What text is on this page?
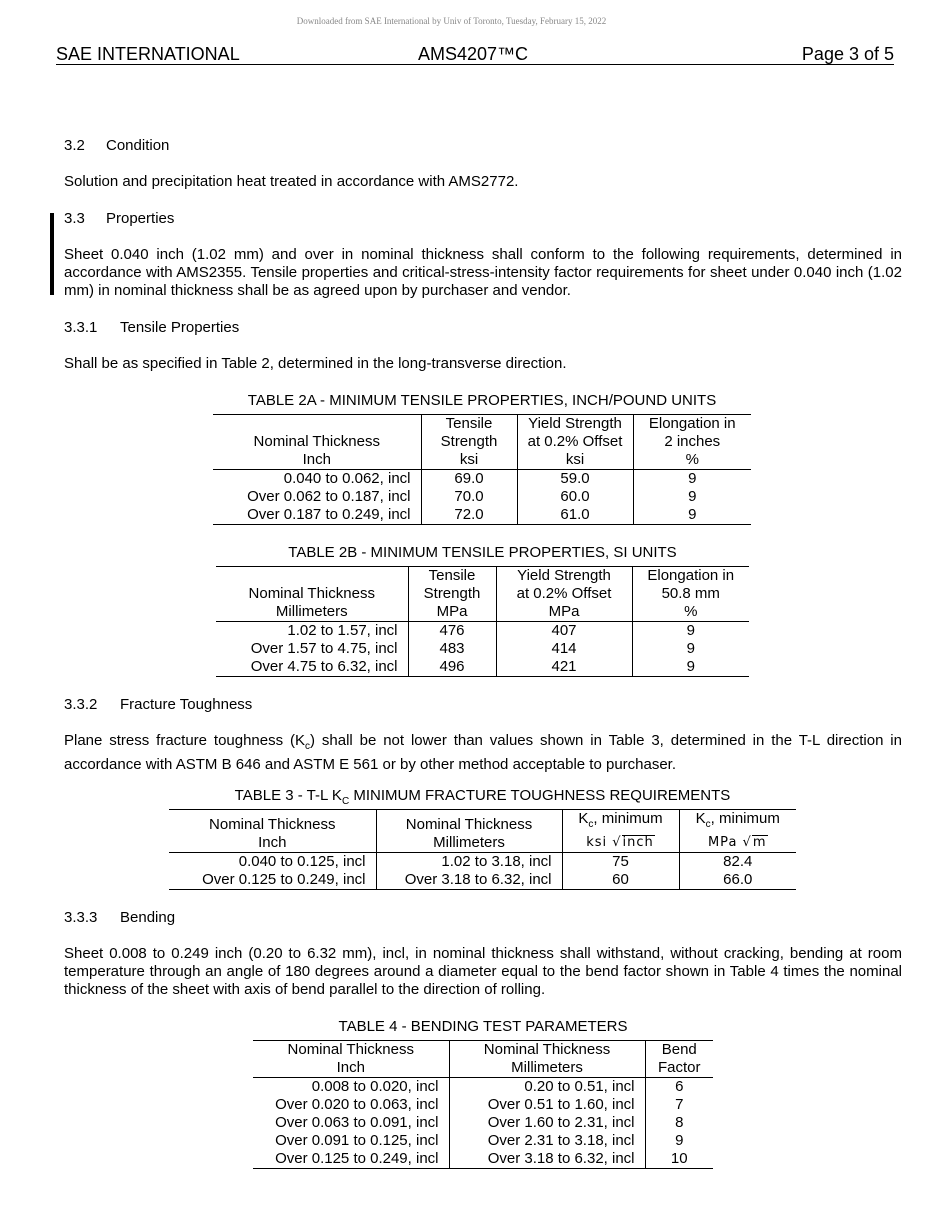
Downloaded from SAE International by Univ of Toronto, Tuesday, February 15, 2022
SAE INTERNATIONAL	AMS4207™C	Page 3 of 5
3.2 Condition
Solution and precipitation heat treated in accordance with AMS2772.
3.3 Properties
Sheet 0.040 inch (1.02 mm) and over in nominal thickness shall conform to the following requirements, determined in accordance with AMS2355. Tensile properties and critical-stress-intensity factor requirements for sheet under 0.040 inch (1.02 mm) in nominal thickness shall be as agreed upon by purchaser and vendor.
3.3.1 Tensile Properties
Shall be as specified in Table 2, determined in the long-transverse direction.
TABLE 2A - MINIMUM TENSILE PROPERTIES, INCH/POUND UNITS
	Tensile	Yield Strength	Elongation in
Nominal Thickness	Strength	at 0.2% Offset	2 inches
Inch	ksi	ksi	%
0.040 to 0.062, incl	69.0	59.0	9
Over 0.062 to 0.187, incl	70.0	60.0	9
Over 0.187 to 0.249, incl	72.0	61.0	9
TABLE 2B - MINIMUM TENSILE PROPERTIES, SI UNITS
	Tensile	Yield Strength	Elongation in
Nominal Thickness	Strength	at 0.2% Offset	50.8 mm
Millimeters	MPa	MPa	%
1.02 to 1.57, incl	476	407	9
Over 1.57 to 4.75, incl	483	414	9
Over 4.75 to 6.32, incl	496	421	9
3.3.2 Fracture Toughness
Plane stress fracture toughness $(K_c)$ shall be not lower than values shown in Table 3, determined in the T-L direction in accordance with ASTM B 646 and ASTM E 561 or by other method acceptable to purchaser.
TABLE 3 - T-L $K_C$ MINIMUM FRACTURE TOUGHNESS REQUIREMENTS
Nominal Thickness	Nominal Thickness	$K_c$, minimum	$K_c$, minimum
Inch	Millimeters	ksi √inch	MPa √m
0.040 to 0.125, incl	1.02 to 3.18, incl	75	82.4
Over 0.125 to 0.249, incl	Over 3.18 to 6.32, incl	60	66.0
3.3.3 Bending
Sheet 0.008 to 0.249 inch (0.20 to 6.32 mm), incl, in nominal thickness shall withstand, without cracking, bending at room temperature through an angle of 180 degrees around a diameter equal to the bend factor shown in Table 4 times the nominal thickness of the sheet with axis of bend parallel to the direction of rolling.
TABLE 4 - BENDING TEST PARAMETERS
Nominal Thickness	Nominal Thickness	Bend
Inch	Millimeters	Factor
0.008 to 0.020, incl	0.20 to 0.51, incl	6
Over 0.020 to 0.063, incl	Over 0.51 to 1.60, incl	7
Over 0.063 to 0.091, incl	Over 1.60 to 2.31, incl	8
Over 0.091 to 0.125, incl	Over 2.31 to 3.18, incl	9
Over 0.125 to 0.249, incl	Over 3.18 to 6.32, incl	10
